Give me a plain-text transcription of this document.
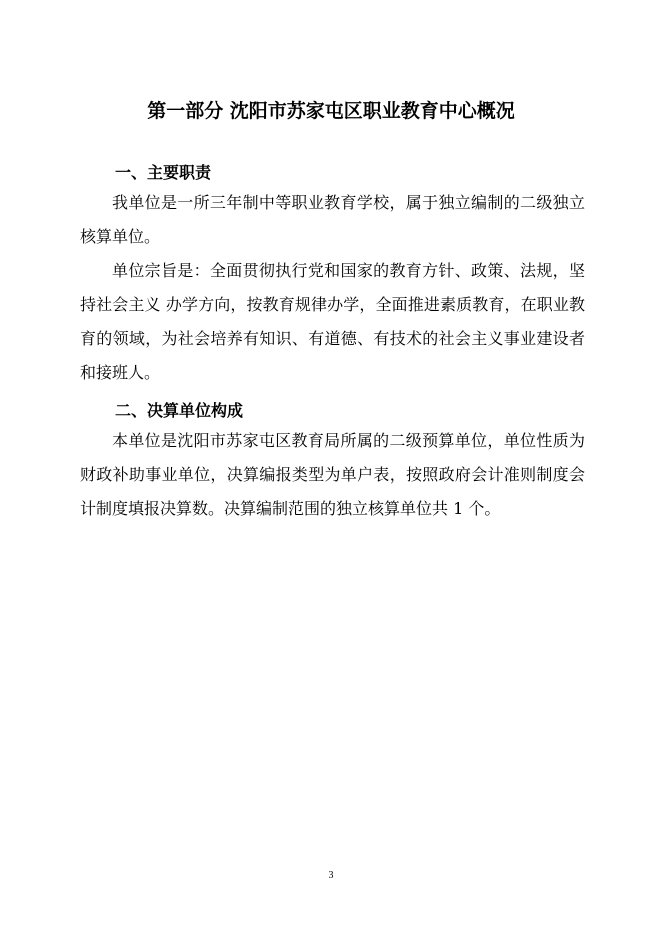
第一部分 沈阳市苏家屯区职业教育中心概况
一、主要职责

我单位是一所三年制中等职业教育学校，属于独立编制的二级独立核算单位。

单位宗旨是：全面贯彻执行党和国家的教育方针、政策、法规，坚持社会主义 办学方向，按教育规律办学，全面推进素质教育，在职业教育的领域，为社会培养有知识、有道德、有技术的社会主义事业建设者和接班人。

二、决算单位构成

本单位是沈阳市苏家屯区教育局所属的二级预算单位，单位性质为财政补助事业单位，决算编报类型为单户表，按照政府会计准则制度会计制度填报决算数。决算编制范围的独立核算单位共 1 个。

3
